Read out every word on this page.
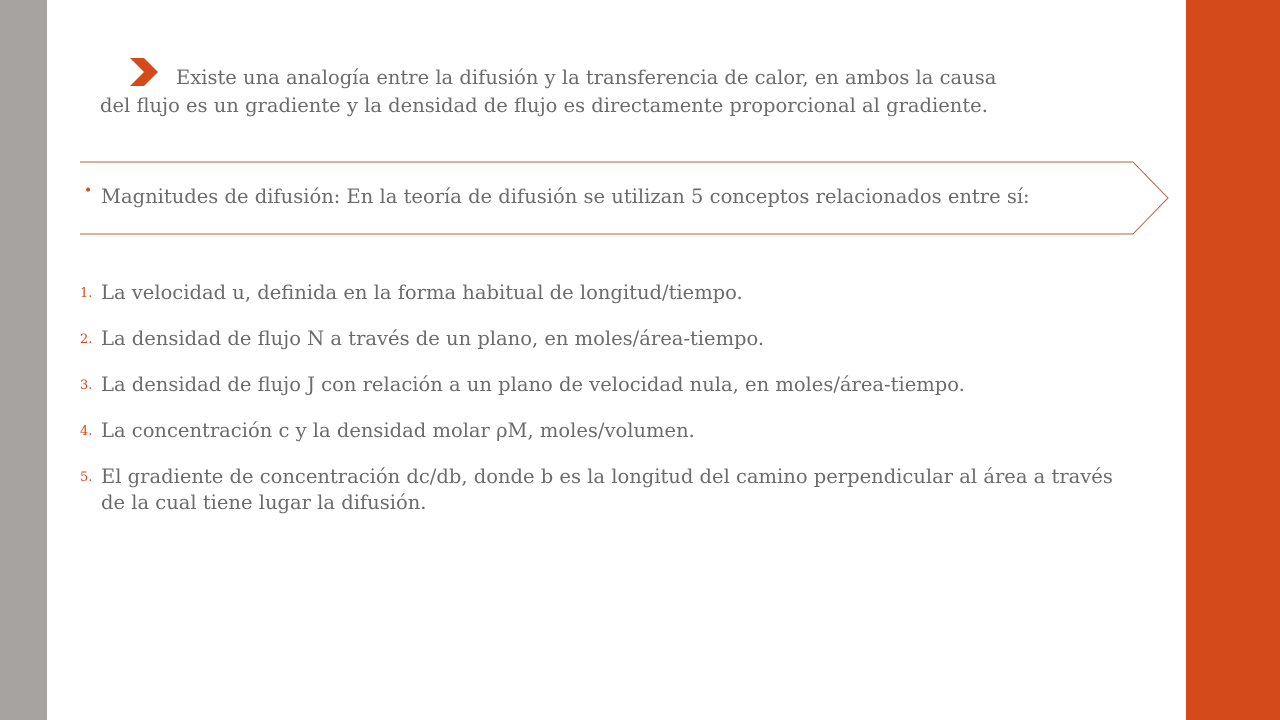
Existe una analogía entre la difusión y la transferencia de calor, en ambos la causa
del flujo es un gradiente y la densidad de flujo es directamente proporcional al gradiente.

• Magnitudes de difusión: En la teoría de difusión se utilizan 5 conceptos relacionados entre sí:
1. La velocidad u, definida en la forma habitual de longitud/tiempo.
2. La densidad de flujo N a través de un plano, en moles/área-tiempo.
3. La densidad de flujo J con relación a un plano de velocidad nula, en moles/área-tiempo.
4. La concentración c y la densidad molar ρM, moles/volumen.
5. El gradiente de concentración dc/db, donde b es la longitud del camino perpendicular al área a través de la cual tiene lugar la difusión.
